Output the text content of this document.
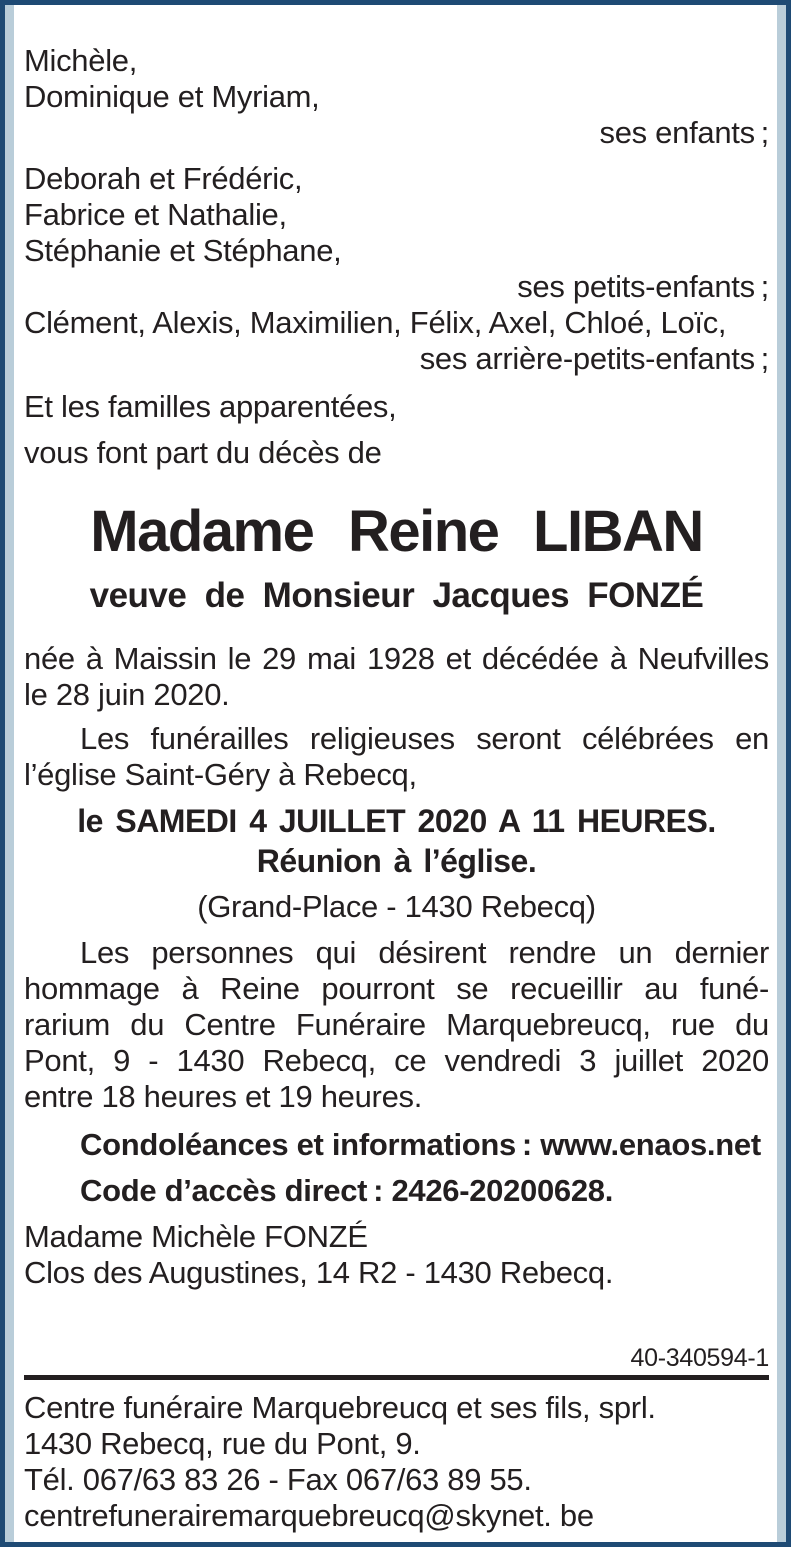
Michèle,
Dominique et Myriam,
ses enfants ;
Deborah et Frédéric,
Fabrice et Nathalie,
Stéphanie et Stéphane,
ses petits-enfants ;
Clément, Alexis, Maximilien, Félix, Axel, Chloé, Loïc,
ses arrière-petits-enfants ;
Et les familles apparentées,
vous font part du décès de
Madame Reine LIBAN
veuve de Monsieur Jacques FONZÉ
née à Maissin le 29 mai 1928 et décédée à Neufvilles
le 28 juin 2020.
Les funérailles religieuses seront célébrées en
l’église Saint-Géry à Rebecq,
le SAMEDI 4 JUILLET 2020 A 11 HEURES.
Réunion à l’église.
(Grand-Place - 1430 Rebecq)
Les personnes qui désirent rendre un dernier
hommage à Reine pourront se recueillir au funé-
rarium du Centre Funéraire Marquebreucq, rue du
Pont, 9 - 1430 Rebecq, ce vendredi 3 juillet 2020
entre 18 heures et 19 heures.
Condoléances et informations : www.enaos.net
Code d’accès direct : 2426-20200628.
Madame Michèle FONZÉ
Clos des Augustines, 14 R2 - 1430 Rebecq.
40-340594-1
Centre funéraire Marquebreucq et ses fils, sprl.
1430 Rebecq, rue du Pont, 9.
Tél. 067/63 83 26 - Fax 067/63 89 55.
centrefunerairemarquebreucq@skynet. be
